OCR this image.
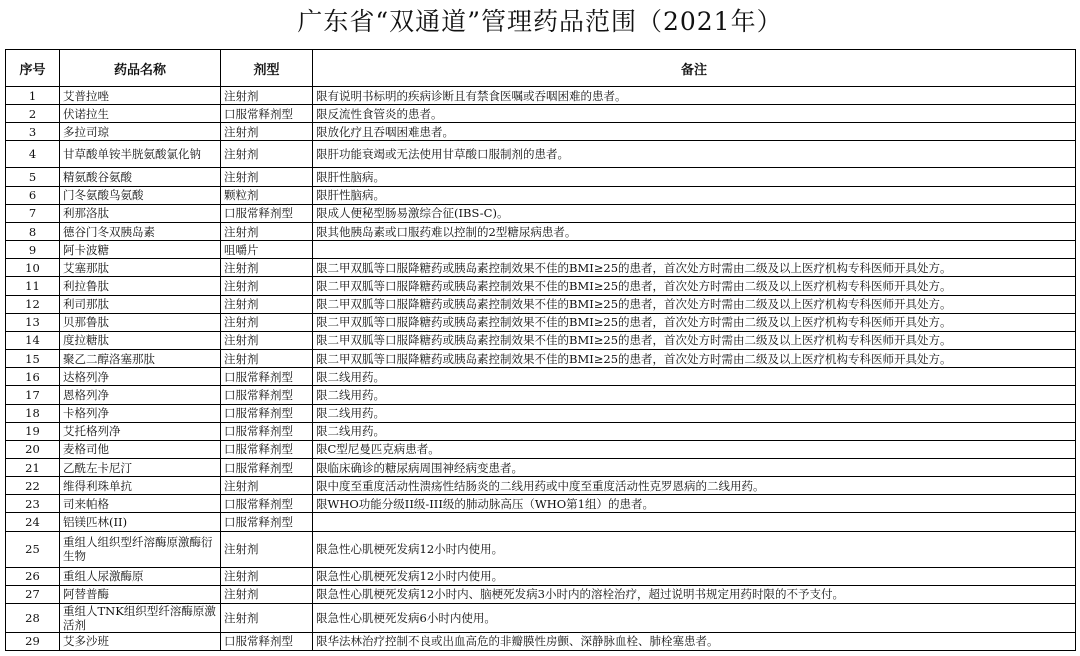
广东省“双通道”管理药品范围（2021年）
序号	药品名称	剂型	备注
1	艾普拉唑	注射剂	限有说明书标明的疾病诊断且有禁食医嘱或吞咽困难的患者。
2	伏诺拉生	口服常释剂型	限反流性食管炎的患者。
3	多拉司琼	注射剂	限放化疗且吞咽困难患者。
4	甘草酸单铵半胱氨酸氯化钠	注射剂	限肝功能衰竭或无法使用甘草酸口服制剂的患者。
5	精氨酸谷氨酸	注射剂	限肝性脑病。
6	门冬氨酸鸟氨酸	颗粒剂	限肝性脑病。
7	利那洛肽	口服常释剂型	限成人便秘型肠易激综合征(IBS-C)。
8	德谷门冬双胰岛素	注射剂	限其他胰岛素或口服药难以控制的2型糖尿病患者。
9	阿卡波糖	咀嚼片	
10	艾塞那肽	注射剂	限二甲双胍等口服降糖药或胰岛素控制效果不佳的BMI≥25的患者，首次处方时需由二级及以上医疗机构专科医师开具处方。
11	利拉鲁肽	注射剂	限二甲双胍等口服降糖药或胰岛素控制效果不佳的BMI≥25的患者，首次处方时需由二级及以上医疗机构专科医师开具处方。
12	利司那肽	注射剂	限二甲双胍等口服降糖药或胰岛素控制效果不佳的BMI≥25的患者，首次处方时需由二级及以上医疗机构专科医师开具处方。
13	贝那鲁肽	注射剂	限二甲双胍等口服降糖药或胰岛素控制效果不佳的BMI≥25的患者，首次处方时需由二级及以上医疗机构专科医师开具处方。
14	度拉糖肽	注射剂	限二甲双胍等口服降糖药或胰岛素控制效果不佳的BMI≥25的患者，首次处方时需由二级及以上医疗机构专科医师开具处方。
15	聚乙二醇洛塞那肽	注射剂	限二甲双胍等口服降糖药或胰岛素控制效果不佳的BMI≥25的患者，首次处方时需由二级及以上医疗机构专科医师开具处方。
16	达格列净	口服常释剂型	限二线用药。
17	恩格列净	口服常释剂型	限二线用药。
18	卡格列净	口服常释剂型	限二线用药。
19	艾托格列净	口服常释剂型	限二线用药。
20	麦格司他	口服常释剂型	限C型尼曼匹克病患者。
21	乙酰左卡尼汀	口服常释剂型	限临床确诊的糖尿病周围神经病变患者。
22	维得利珠单抗	注射剂	限中度至重度活动性溃疡性结肠炎的二线用药或中度至重度活动性克罗恩病的二线用药。
23	司来帕格	口服常释剂型	限WHO功能分级II级-III级的肺动脉高压（WHO第1组）的患者。
24	铝镁匹林(II)	口服常释剂型	
25	重组人组织型纤溶酶原激酶衍生物	注射剂	限急性心肌梗死发病12小时内使用。
26	重组人尿激酶原	注射剂	限急性心肌梗死发病12小时内使用。
27	阿替普酶	注射剂	限急性心肌梗死发病12小时内、脑梗死发病3小时内的溶栓治疗，超过说明书规定用药时限的不予支付。
28	重组人TNK组织型纤溶酶原激活剂	注射剂	限急性心肌梗死发病6小时内使用。
29	艾多沙班	口服常释剂型	限华法林治疗控制不良或出血高危的非瓣膜性房颤、深静脉血栓、肺栓塞患者。
